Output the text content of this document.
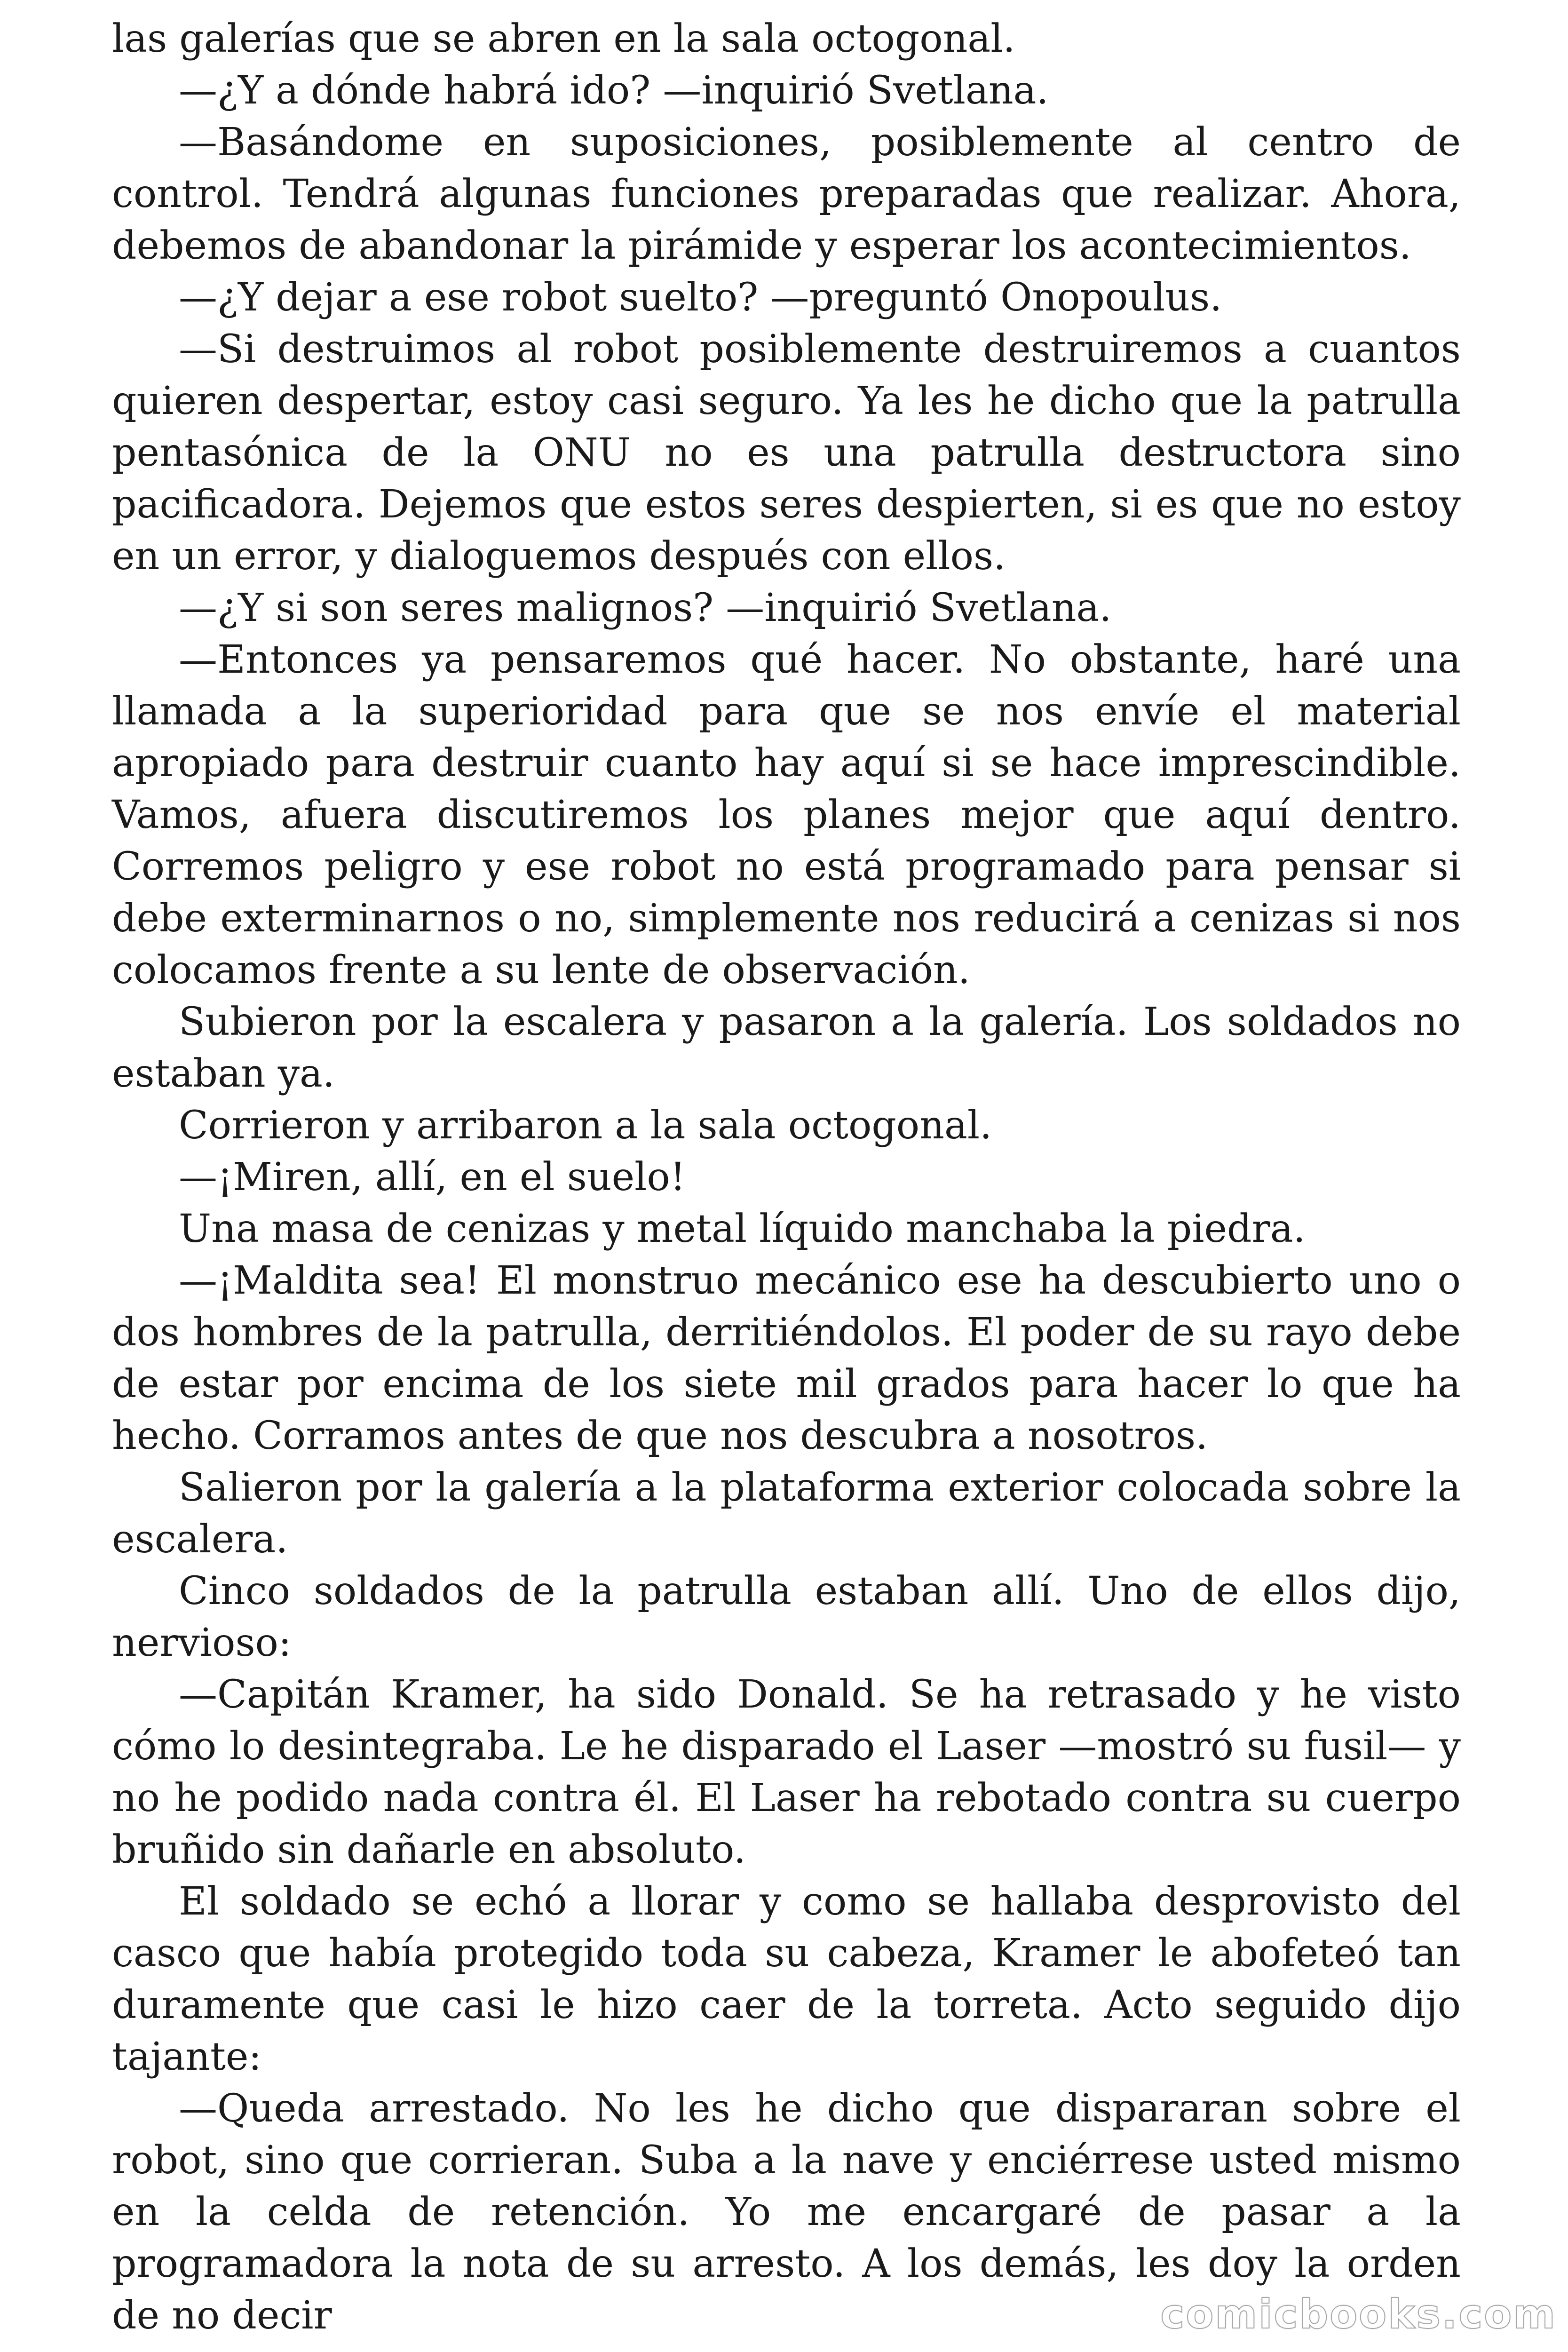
las galerías que se abren en la sala octogonal.

—¿Y a dónde habrá ido? —inquirió Svetlana.

—Basándome en suposiciones, posiblemente al centro de control. Tendrá algunas funciones preparadas que realizar. Ahora, debemos de abandonar la pirámide y esperar los acontecimientos.

—¿Y dejar a ese robot suelto? —preguntó Onopoulus.

—Si destruimos al robot posiblemente destruiremos a cuantos quieren despertar, estoy casi seguro. Ya les he dicho que la patrulla pentasónica de la ONU no es una patrulla destructora sino pacificadora. Dejemos que estos seres despierten, si es que no estoy en un error, y dialoguemos después con ellos.

—¿Y si son seres malignos? —inquirió Svetlana.

—Entonces ya pensaremos qué hacer. No obstante, haré una llamada a la superioridad para que se nos envíe el material apropiado para destruir cuanto hay aquí si se hace imprescindible. Vamos, afuera discutiremos los planes mejor que aquí dentro. Corremos peligro y ese robot no está programado para pensar si debe exterminarnos o no, simplemente nos reducirá a cenizas si nos colocamos frente a su lente de observación.

Subieron por la escalera y pasaron a la galería. Los soldados no estaban ya.

Corrieron y arribaron a la sala octogonal.

—¡Miren, allí, en el suelo!

Una masa de cenizas y metal líquido manchaba la piedra.

—¡Maldita sea! El monstruo mecánico ese ha descubierto uno o dos hombres de la patrulla, derritiéndolos. El poder de su rayo debe de estar por encima de los siete mil grados para hacer lo que ha hecho. Corramos antes de que nos descubra a nosotros.

Salieron por la galería a la plataforma exterior colocada sobre la escalera.

Cinco soldados de la patrulla estaban allí. Uno de ellos dijo, nervioso:

—Capitán Kramer, ha sido Donald. Se ha retrasado y he visto cómo lo desintegraba. Le he disparado el Laser —mostró su fusil— y no he podido nada contra él. El Laser ha rebotado contra su cuerpo bruñido sin dañarle en absoluto.

El soldado se echó a llorar y como se hallaba desprovisto del casco que había protegido toda su cabeza, Kramer le abofeteó tan duramente que casi le hizo caer de la torreta. Acto seguido dijo tajante:

—Queda arrestado. No les he dicho que dispararan sobre el robot, sino que corrieran. Suba a la nave y enciérrese usted mismo en la celda de retención. Yo me encargaré de pasar a la programadora la nota de su arresto. A los demás, les doy la orden de no decir	comicbooks.com
